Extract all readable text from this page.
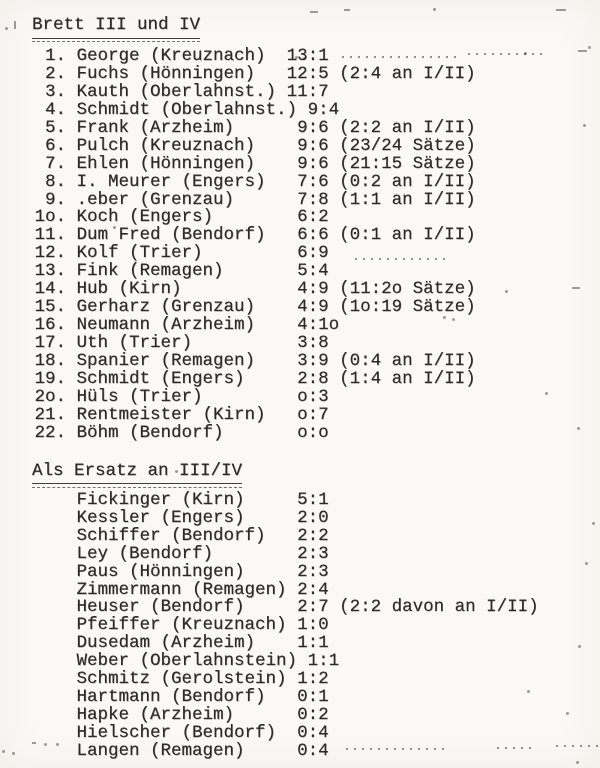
Brett III und IV
1. George (Kreuznach)  13:1
2. Fuchs (Hönningen)   12:5 (2:4 an I/II)
3. Kauth (Oberlahnst.) 11:7
4. Schmidt (Oberlahnst.) 9:4
5. Frank (Arzheim)      9:6 (2:2 an I/II)
6. Pulch (Kreuznach)    9:6 (23/24 Sätze)
7. Ehlen (Hönningen)    9:6 (21:15 Sätze)
8. I. Meurer (Engers)   7:6 (0:2 an I/II)
9. .eber (Grenzau)      7:8 (1:1 an I/II)
1o. Koch (Engers)        6:2
11. Dum Fred (Bendorf)   6:6 (0:1 an I/II)
12. Kolf (Trier)         6:9
13. Fink (Remagen)       5:4
14. Hub (Kirn)           4:9 (11:2o Sätze)
15. Gerharz (Grenzau)    4:9 (1o:19 Sätze)
16. Neumann (Arzheim)    4:1o
17. Uth (Trier)          3:8
18. Spanier (Remagen)    3:9 (0:4 an I/II)
19. Schmidt (Engers)     2:8 (1:4 an I/II)
2o. Hüls (Trier)         o:3
21. Rentmeister (Kirn)   o:7
22. Böhm (Bendorf)       o:o
Als Ersatz an III/IV
Fickinger (Kirn)     5:1
Kessler (Engers)     2:0
Schiffer (Bendorf)   2:2
Ley (Bendorf)        2:3
Paus (Hönningen)     2:3
Zimmermann (Remagen) 2:4
Heuser (Bendorf)     2:7 (2:2 davon an I/II)
Pfeiffer (Kreuznach) 1:0
Dusedam (Arzheim)    1:1
Weber (Oberlahnstein) 1:1
Schmitz (Gerolstein) 1:2
Hartmann (Bendorf)   0:1
Hapke (Arzheim)      0:2
Hielscher (Bendorf)  0:4
Langen (Remagen)     0:4
